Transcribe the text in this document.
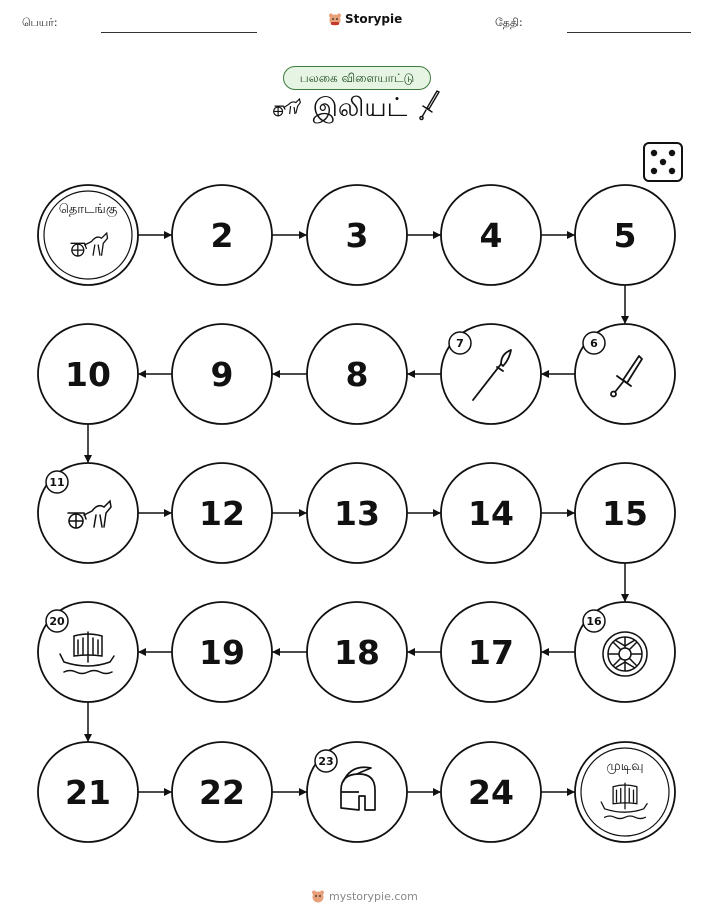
பெயர்:	Storypie	தேதி:
பலகை விளையாட்டு
இலியட்
தொடங்கு
2	3	4	5
6
7
8
9
10
11
12	13	14	15
16
17
18
19
20
21	22
23
24
முடிவு
mystorypie.com
